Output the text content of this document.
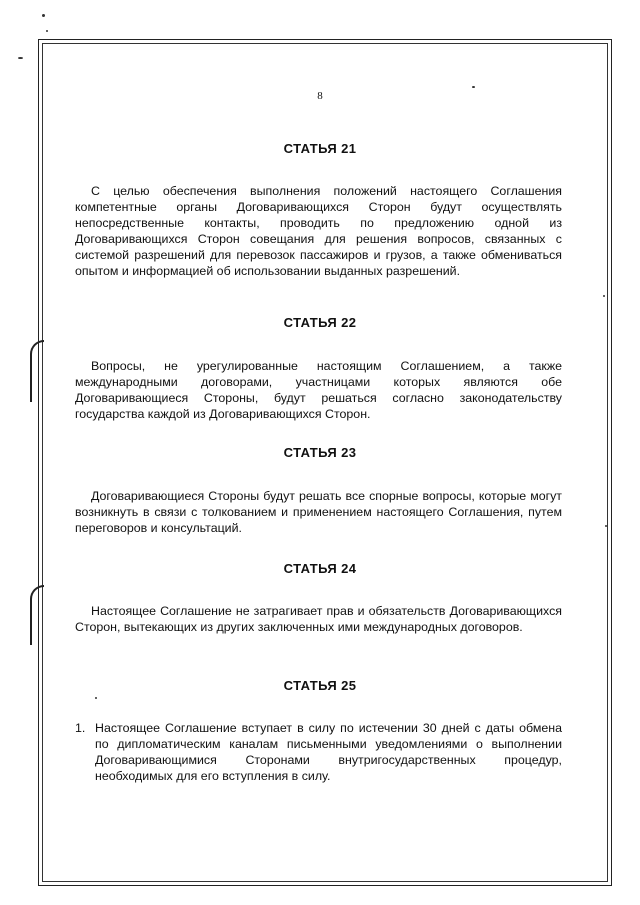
8
СТАТЬЯ 21
С целью обеспечения выполнения положений настоящего Соглашения компетентные органы Договаривающихся Сторон будут осуществлять непосредственные контакты, проводить по предложению одной из Договаривающихся Сторон совещания для решения вопросов, связанных с системой разрешений для перевозок пассажиров и грузов, а также обмениваться опытом и информацией об использовании выданных разрешений.
СТАТЬЯ 22
Вопросы, не урегулированные настоящим Соглашением, а также международными договорами, участницами которых являются обе Договаривающиеся Стороны, будут решаться согласно законодательству государства каждой из Договаривающихся Сторон.
СТАТЬЯ 23
Договаривающиеся Стороны будут решать все спорные вопросы, которые могут возникнуть в связи с толкованием и применением настоящего Соглашения, путем переговоров и консультаций.
СТАТЬЯ 24
Настоящее Соглашение не затрагивает прав и обязательств Договаривающихся Сторон, вытекающих из других заключенных ими международных договоров.
СТАТЬЯ 25
1. Настоящее Соглашение вступает в силу по истечении 30 дней с даты обмена по дипломатическим каналам письменными уведомлениями о выполнении Договаривающимися Сторонами внутригосударственных процедур, необходимых для его вступления в силу.
